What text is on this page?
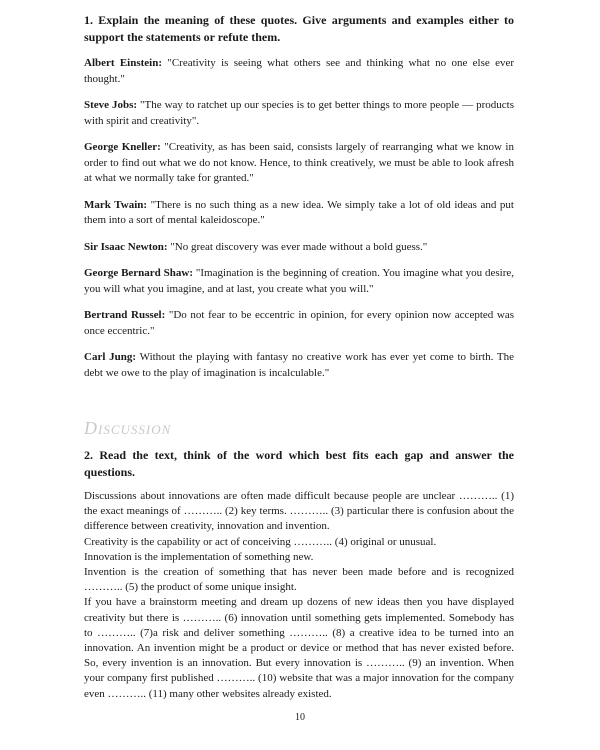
1. Explain the meaning of these quotes. Give arguments and examples either to support the statements or refute them.

Albert Einstein: "Creativity is seeing what others see and thinking what no one else ever thought."

Steve Jobs: "The way to ratchet up our species is to get better things to more people — products with spirit and creativity".

George Kneller: "Creativity, as has been said, consists largely of rearranging what we know in order to find out what we do not know. Hence, to think creatively, we must be able to look afresh at what we normally take for granted."

Mark Twain: "There is no such thing as a new idea. We simply take a lot of old ideas and put them into a sort of mental kaleidoscope."

Sir Isaac Newton: "No great discovery was ever made without a bold guess."

George Bernard Shaw: "Imagination is the beginning of creation. You imagine what you desire, you will what you imagine, and at last, you create what you will."

Bertrand Russel: "Do not fear to be eccentric in opinion, for every opinion now accepted was once eccentric."

Carl Jung: Without the playing with fantasy no creative work has ever yet come to birth. The debt we owe to the play of imagination is incalculable."

Discussion

2. Read the text, think of the word which best fits each gap and answer the questions.

Discussions about innovations are often made difficult because people are unclear ……….. (1) the exact meanings of ……….. (2) key terms. ……….. (3) particular there is confusion about the difference between creativity, innovation and invention.

Creativity is the capability or act of conceiving ……….. (4) original or unusual.

Innovation is the implementation of something new.

Invention is the creation of something that has never been made before and is recognized ……….. (5) the product of some unique insight.

If you have a brainstorm meeting and dream up dozens of new ideas then you have displayed creativity but there is ……….. (6) innovation until something gets implemented. Somebody has to ……….. (7)a risk and deliver something ……….. (8) a creative idea to be turned into an innovation. An invention might be a product or device or method that has never existed before. So, every invention is an innovation. But every innovation is ……….. (9) an invention. When your company first published ……….. (10) website that was a major innovation for the company even ……….. (11) many other websites already existed.

10
